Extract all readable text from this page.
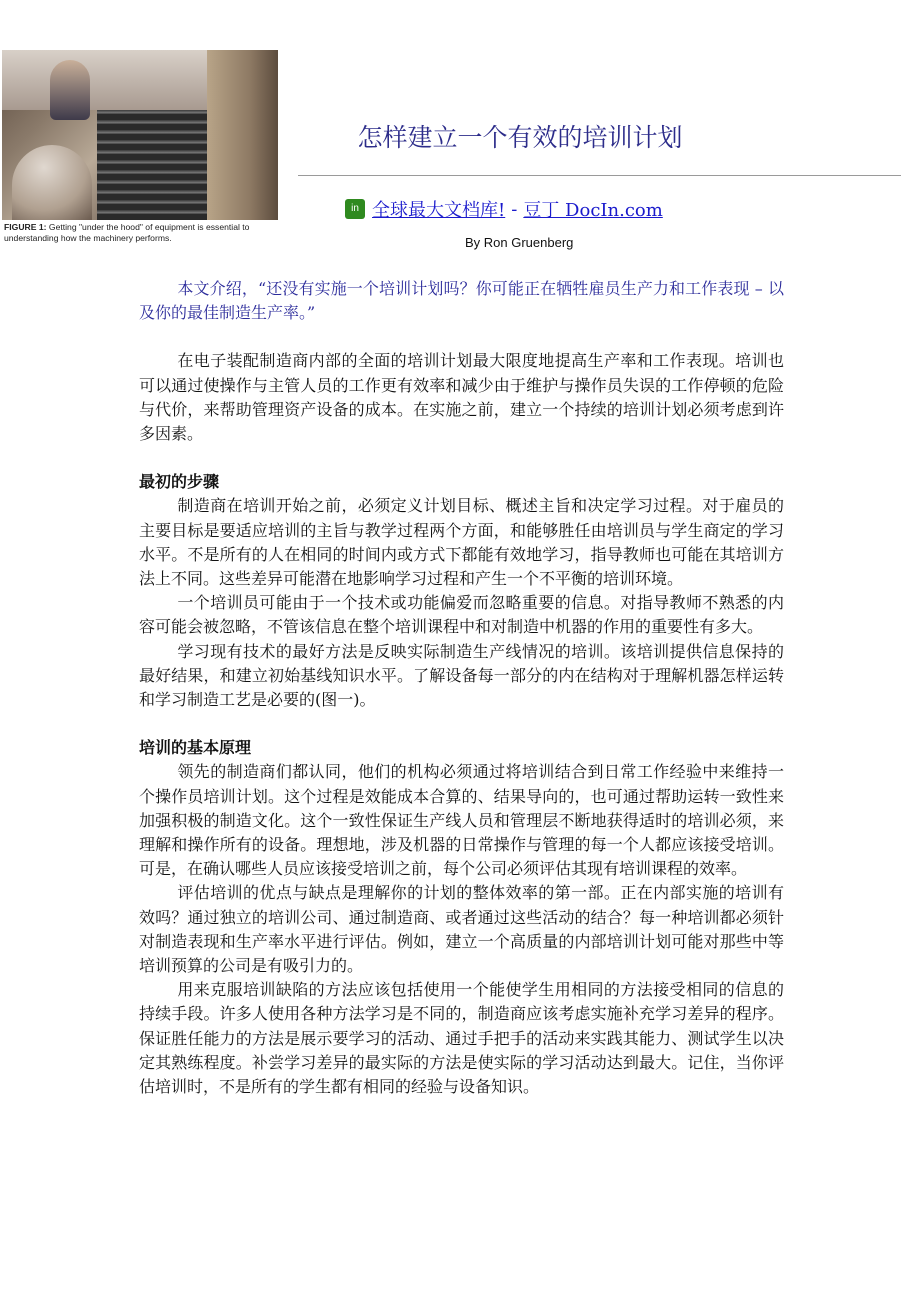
FIGURE 1: Getting "under the hood" of equipment is essential to understanding how the machinery performs.
怎样建立一个有效的培训计划
in 全球最大文档库! - 豆丁 DocIn.com
By Ron Gruenberg

本文介绍，“还没有实施一个培训计划吗？你可能正在牺牲雇员生产力和工作表现 – 以及你的最佳制造生产率。”

在电子装配制造商内部的全面的培训计划最大限度地提高生产率和工作表现。培训也可以通过使操作与主管人员的工作更有效率和减少由于维护与操作员失误的工作停顿的危险与代价，来帮助管理资产设备的成本。在实施之前，建立一个持续的培训计划必须考虑到许多因素。

最初的步骤

制造商在培训开始之前，必须定义计划目标、概述主旨和决定学习过程。对于雇员的主要目标是要适应培训的主旨与教学过程两个方面，和能够胜任由培训员与学生商定的学习水平。不是所有的人在相同的时间内或方式下都能有效地学习，指导教师也可能在其培训方法上不同。这些差异可能潜在地影响学习过程和产生一个不平衡的培训环境。

一个培训员可能由于一个技术或功能偏爱而忽略重要的信息。对指导教师不熟悉的内容可能会被忽略，不管该信息在整个培训课程中和对制造中机器的作用的重要性有多大。

学习现有技术的最好方法是反映实际制造生产线情况的培训。该培训提供信息保持的最好结果，和建立初始基线知识水平。了解设备每一部分的内在结构对于理解机器怎样运转和学习制造工艺是必要的(图一)。

培训的基本原理

领先的制造商们都认同，他们的机构必须通过将培训结合到日常工作经验中来维持一个操作员培训计划。这个过程是效能成本合算的、结果导向的，也可通过帮助运转一致性来加强积极的制造文化。这个一致性保证生产线人员和管理层不断地获得适时的培训必须，来理解和操作所有的设备。理想地，涉及机器的日常操作与管理的每一个人都应该接受培训。可是，在确认哪些人员应该接受培训之前，每个公司必须评估其现有培训课程的效率。

评估培训的优点与缺点是理解你的计划的整体效率的第一部。正在内部实施的培训有效吗？通过独立的培训公司、通过制造商、或者通过这些活动的结合？每一种培训都必须针对制造表现和生产率水平进行评估。例如，建立一个高质量的内部培训计划可能对那些中等培训预算的公司是有吸引力的。

用来克服培训缺陷的方法应该包括使用一个能使学生用相同的方法接受相同的信息的持续手段。许多人使用各种方法学习是不同的，制造商应该考虑实施补充学习差异的程序。保证胜任能力的方法是展示要学习的活动、通过手把手的活动来实践其能力、测试学生以决定其熟练程度。补尝学习差异的最实际的方法是使实际的学习活动达到最大。记住，当你评估培训时，不是所有的学生都有相同的经验与设备知识。
